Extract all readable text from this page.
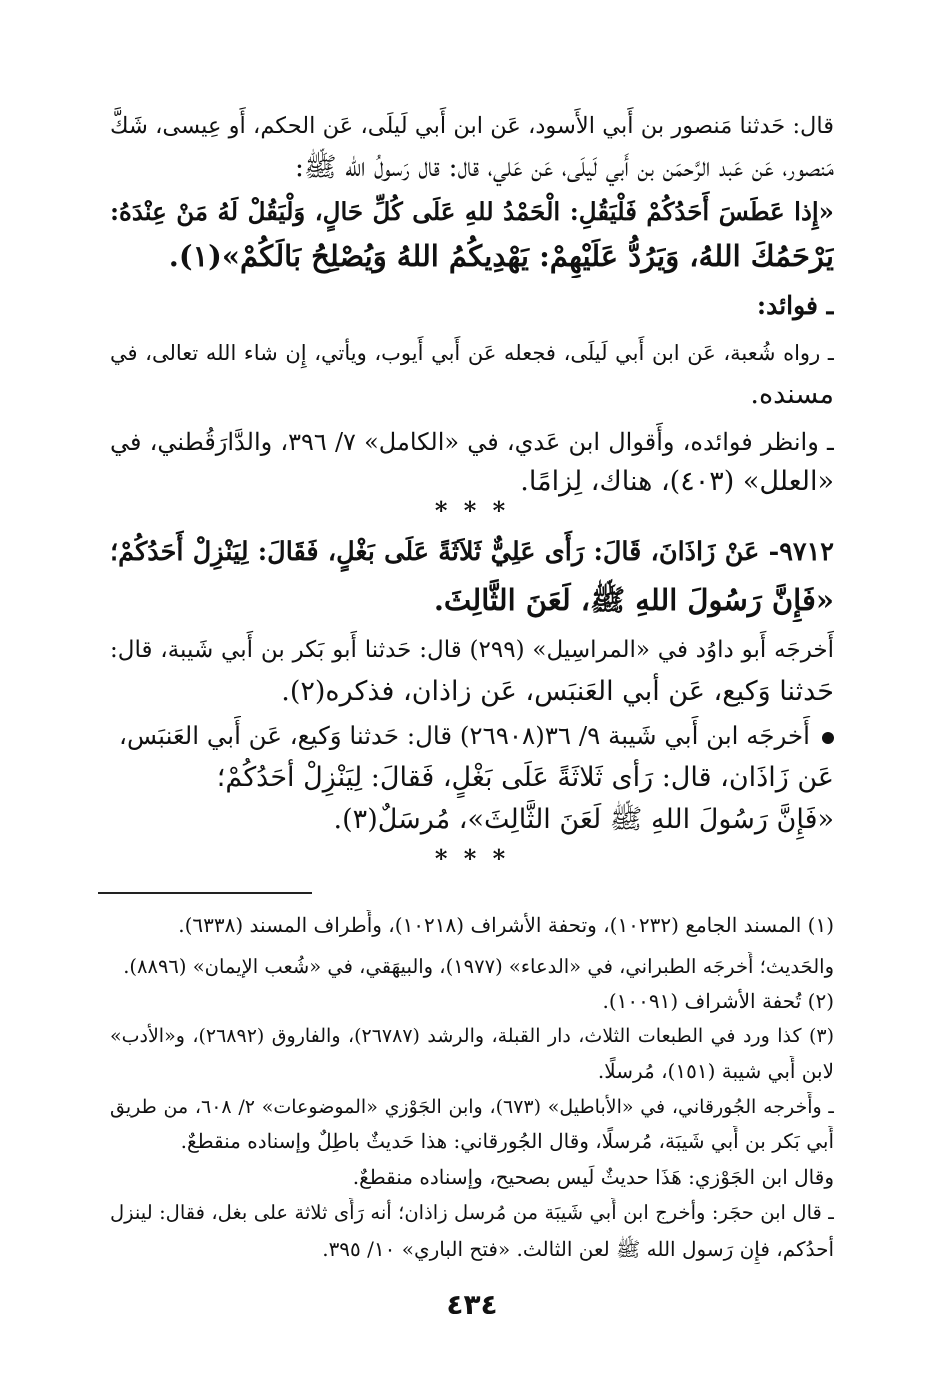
قال: حَدثنا مَنصور بن أَبي الأَسود، عَن ابن أَبي لَيلَى، عَن الحكم، أَو عِيسى، شَكَّ
مَنصور، عَن عَبد الرَّحمَن بن أَبي لَيلَى، عَن عَلي، قال: قال رَسولُ الله ﷺ:
«إِذا عَطَسَ أَحَدُكُمْ فَلْيَقُلِ: الْحَمْدُ للهِ عَلَى كُلِّ حَالٍ، وَلْيَقُلْ لَهُ مَنْ عِنْدَهُ:
يَرْحَمُكَ اللهُ، وَيَرُدُّ عَلَيْهِمْ: يَهْدِيكُمُ اللهُ وَيُصْلِحُ بَالَكُمْ»(١).
ـ فوائد:
ـ رواه شُعبة، عَن ابن أَبي لَيلَى، فجعله عَن أَبي أَيوب، ويأتي، إِن شاء الله تعالى، في
مسنده.
ـ وانظر فوائده، وأَقوال ابن عَدي، في «الكامل» ٧/ ٣٩٦، والدَّارَقُطني، في
«العلل» (٤٠٣)، هناك، لِزامًا.
* * *
٩٧١٢- عَنْ زَاذَانَ، قَالَ: رَأَى عَلِيٌّ ثَلاَثَةً عَلَى بَغْلٍ، فَقَالَ: لِيَنْزِلْ أَحَدُكُمْ؛
«فَإِنَّ رَسُولَ اللهِ ﷺ، لَعَنَ الثَّالِثَ.
أَخرجَه أَبو داوُد في «المراسِيل» (٢٩٩) قال: حَدثنا أَبو بَكر بن أَبي شَيبة، قال:
حَدثنا وَكيع، عَن أَبي العَنبَس، عَن زاذان، فذكره(٢).
أَخرجَه ابن أَبي شَيبة ٩/ ٣٦(٢٦٩٠٨) قال: حَدثنا وَكيع، عَن أَبي العَنبَس،
عَن زَاذَان، قال: رَأَى ثَلاثَةً عَلَى بَغْلٍ، فَقالَ: لِيَنْزِلْ أَحَدُكُمْ؛
«فَإِنَّ رَسُولَ اللهِ ﷺ لَعَنَ الثَّالِثَ»، مُرسَلٌ(٣).
* * *
(١) المسند الجامع (١٠٢٣٢)، وتحفة الأشراف (١٠٢١٨)، وأَطراف المسند (٦٣٣٨).
والحَديث؛ أَخرجَه الطبراني، في «الدعاء» (١٩٧٧)، والبيهَقي، في «شُعب الإيمان» (٨٨٩٦).
(٢) تُحفة الأشراف (١٠٠٩١).
(٣) كذا ورد في الطبعات الثلاث، دار القبلة، والرشد (٢٦٧٨٧)، والفاروق (٢٦٨٩٢)، و«الأدب»
لابن أَبي شيبة (١٥١)، مُرسلًا.
ـ وأَخرجه الجُورقاني، في «الأباطيل» (٦٧٣)، وابن الجَوْزي «الموضوعات» ٢/ ٦٠٨، من طريق
أَبي بَكر بن أَبي شَيبَة، مُرسلًا، وقال الجُورقاني: هذا حَديثٌ باطِلٌ وإسناده منقطعٌ.
وقال ابن الجَوْزي: هَذَا حديثٌ لَيس بصحيح، وإسناده منقطعٌ.
ـ قال ابن حجَر: وأخرج ابن أَبي شَيبَة من مُرسل زاذان؛ أنه رَأَى ثلاثة على بغل، فقال: لينزل
أحدُكم، فإِن رَسول الله ﷺ لعن الثالث. «فتح الباري» ١٠/ ٣٩٥.
٤٣٤
